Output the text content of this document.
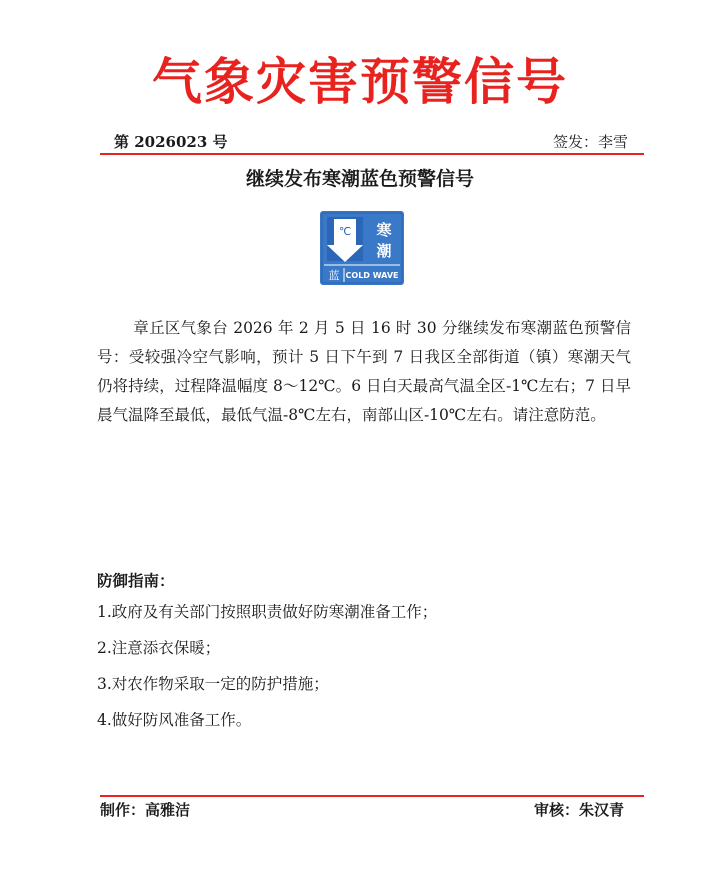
气象灾害预警信号
第 2026023 号	签发：李雪
继续发布寒潮蓝色预警信号
℃ 寒
潮
蓝 COLD WAVE
章丘区气象台 2026 年 2 月 5 日 16 时 30 分继续发布寒潮蓝色预警信号：受较强冷空气影响，预计 5 日下午到 7 日我区全部街道（镇）寒潮天气仍将持续，过程降温幅度 8～12℃。6 日白天最高气温全区-1℃左右；7 日早晨气温降至最低，最低气温-8℃左右，南部山区-10℃左右。请注意防范。
防御指南：
1.政府及有关部门按照职责做好防寒潮准备工作；
2.注意添衣保暖；
3.对农作物采取一定的防护措施；
4.做好防风准备工作。
制作：高雅洁	审核：朱汉青
